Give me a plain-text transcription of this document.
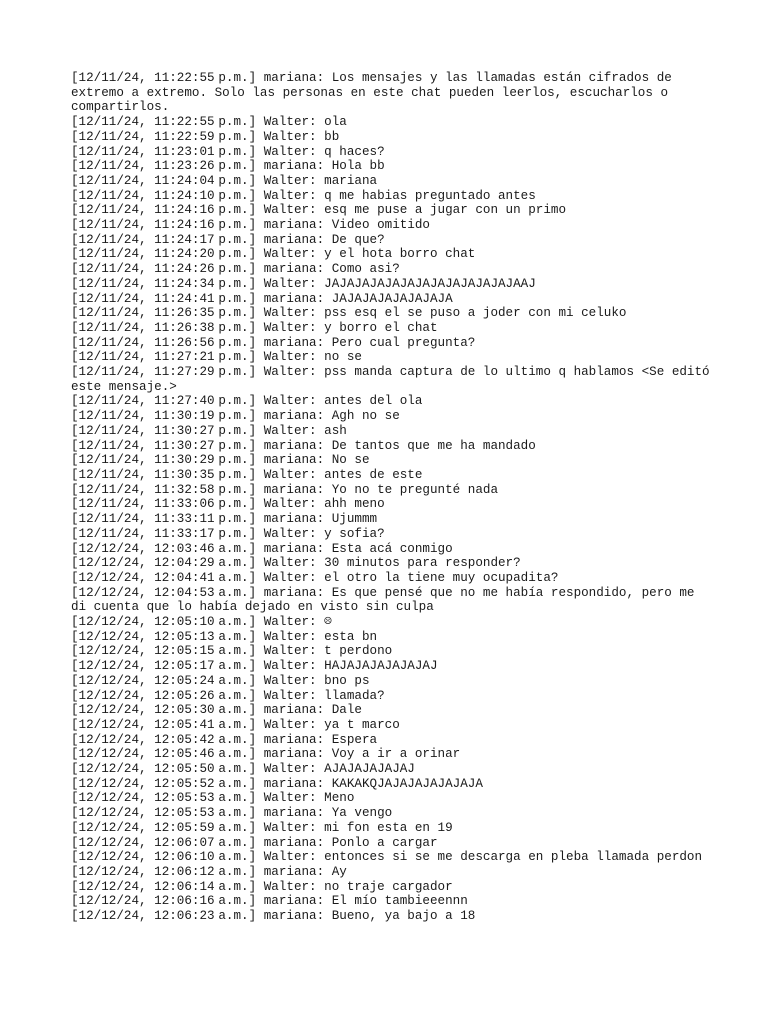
[12/11/24, 11:22:55 p.m.] mariana: Los mensajes y las llamadas están cifrados de extremo a extremo. Solo las personas en este chat pueden leerlos, escucharlos o compartirlos.
[12/11/24, 11:22:55 p.m.] Walter: ola
[12/11/24, 11:22:59 p.m.] Walter: bb
[12/11/24, 11:23:01 p.m.] Walter: q haces?
[12/11/24, 11:23:26 p.m.] mariana: Hola bb
[12/11/24, 11:24:04 p.m.] Walter: mariana
[12/11/24, 11:24:10 p.m.] Walter: q me habias preguntado antes
[12/11/24, 11:24:16 p.m.] Walter: esq me puse a jugar con un primo
[12/11/24, 11:24:16 p.m.] mariana: Video omitido
[12/11/24, 11:24:17 p.m.] mariana: De que?
[12/11/24, 11:24:20 p.m.] Walter: y el hota borro chat
[12/11/24, 11:24:26 p.m.] mariana: Como asi?
[12/11/24, 11:24:34 p.m.] Walter: JAJAJAJAJAJAJAJAJAJAJAJAJAAJ
[12/11/24, 11:24:41 p.m.] mariana: JAJAJAJAJAJAJAJA
[12/11/24, 11:26:35 p.m.] Walter: pss esq el se puso a joder con mi celuko
[12/11/24, 11:26:38 p.m.] Walter: y borro el chat
[12/11/24, 11:26:56 p.m.] mariana: Pero cual pregunta?
[12/11/24, 11:27:21 p.m.] Walter: no se
[12/11/24, 11:27:29 p.m.] Walter: pss manda captura de lo ultimo q hablamos <Se editó este mensaje.>
[12/11/24, 11:27:40 p.m.] Walter: antes del ola
[12/11/24, 11:30:19 p.m.] mariana: Agh no se
[12/11/24, 11:30:27 p.m.] Walter: ash
[12/11/24, 11:30:27 p.m.] mariana: De tantos que me ha mandado
[12/11/24, 11:30:29 p.m.] mariana: No se
[12/11/24, 11:30:35 p.m.] Walter: antes de este
[12/11/24, 11:32:58 p.m.] mariana: Yo no te pregunté nada
[12/11/24, 11:33:06 p.m.] Walter: ahh meno
[12/11/24, 11:33:11 p.m.] mariana: Ujummm
[12/11/24, 11:33:17 p.m.] Walter: y sofia?
[12/12/24, 12:03:46 a.m.] mariana: Esta acá conmigo
[12/12/24, 12:04:29 a.m.] Walter: 30 minutos para responder?
[12/12/24, 12:04:41 a.m.] Walter: el otro la tiene muy ocupadita?
[12/12/24, 12:04:53 a.m.] mariana: Es que pensé que no me había respondido, pero me di cuenta que lo había dejado en visto sin culpa
[12/12/24, 12:05:10 a.m.] Walter: ☹
[12/12/24, 12:05:13 a.m.] Walter: esta bn
[12/12/24, 12:05:15 a.m.] Walter: t perdono
[12/12/24, 12:05:17 a.m.] Walter: HAJAJAJAJAJAJAJ
[12/12/24, 12:05:24 a.m.] Walter: bno ps
[12/12/24, 12:05:26 a.m.] Walter: llamada?
[12/12/24, 12:05:30 a.m.] mariana: Dale
[12/12/24, 12:05:41 a.m.] Walter: ya t marco
[12/12/24, 12:05:42 a.m.] mariana: Espera
[12/12/24, 12:05:46 a.m.] mariana: Voy a ir a orinar
[12/12/24, 12:05:50 a.m.] Walter: AJAJAJAJAJAJ
[12/12/24, 12:05:52 a.m.] mariana: KAKAKQJAJAJAJAJAJAJA
[12/12/24, 12:05:53 a.m.] Walter: Meno
[12/12/24, 12:05:53 a.m.] mariana: Ya vengo
[12/12/24, 12:05:59 a.m.] Walter: mi fon esta en 19
[12/12/24, 12:06:07 a.m.] mariana: Ponlo a cargar
[12/12/24, 12:06:10 a.m.] Walter: entonces si se me descarga en pleba llamada perdon
[12/12/24, 12:06:12 a.m.] mariana: Ay
[12/12/24, 12:06:14 a.m.] Walter: no traje cargador
[12/12/24, 12:06:16 a.m.] mariana: El mío tambieeennn
[12/12/24, 12:06:23 a.m.] mariana: Bueno, ya bajo a 18
